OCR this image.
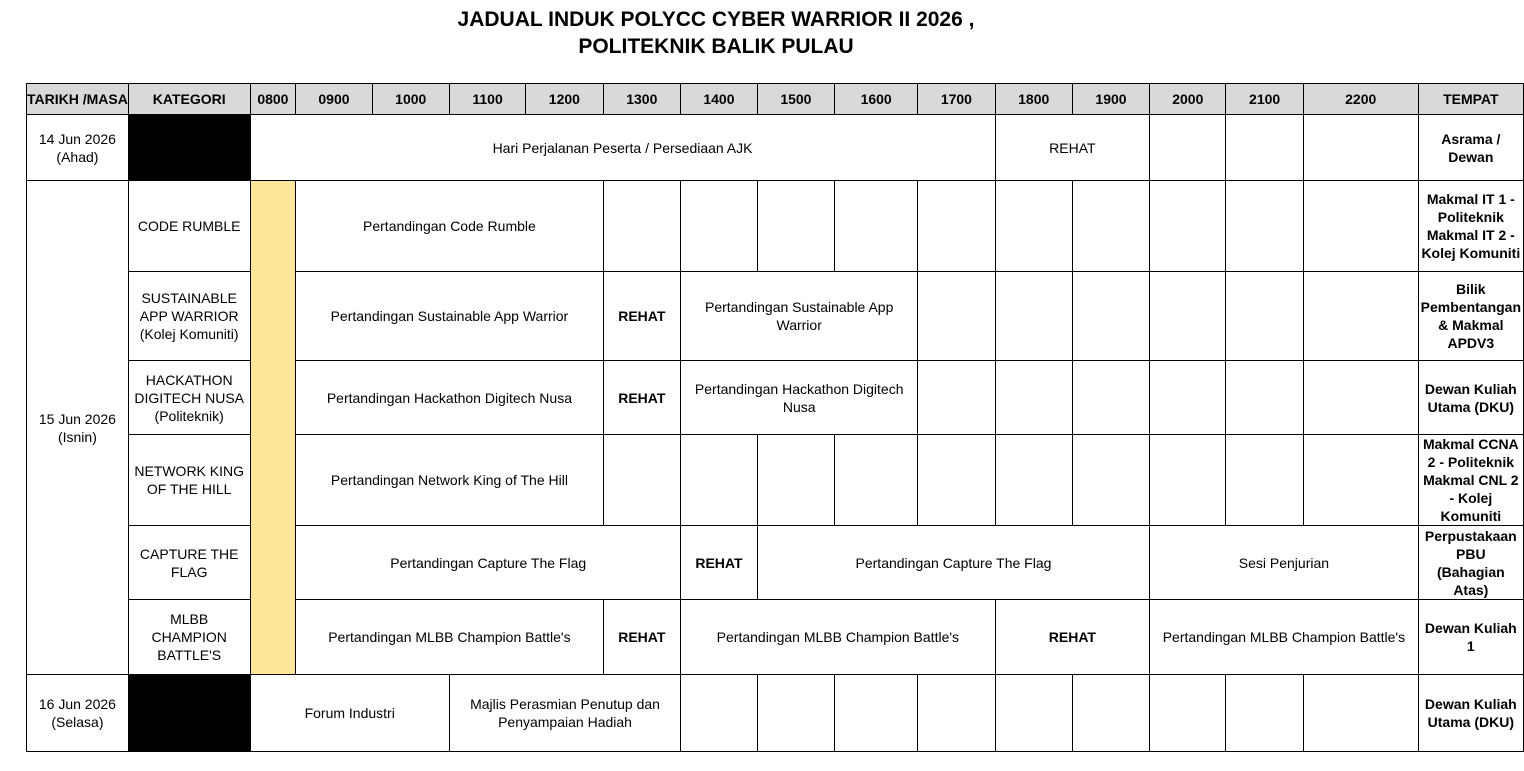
JADUAL INDUK POLYCC CYBER WARRIOR II 2026 ,
POLITEKNIK BALIK PULAU
TARIKH /MASA	KATEGORI	0800	0900	1000	1100	1200	1300	1400	1500	1600	1700	1800	1900	2000	2100	2200	TEMPAT

14 Jun 2026
(Ahad)		Hari Perjalanan Peserta / Persediaan AJK										REHAT					Asrama / Dewan

15 Jun 2026
(Isnin)	CODE RUMBLE		Pertandingan Code Rumble														Makmal IT 1 - Politeknik Makmal IT 2 - Kolej Komuniti

	SUSTAINABLE APP WARRIOR
(Kolej Komuniti)		Pertandingan Sustainable App Warrior				REHAT	Pertandingan Sustainable App Warrior									Bilik Pembentangan & Makmal APDV3

	HACKATHON DIGITECH NUSA
(Politeknik)		Pertandingan Hackathon Digitech Nusa				REHAT	Pertandingan Hackathon Digitech Nusa									Dewan Kuliah Utama (DKU)
	NETWORK KING OF THE HILL		Pertandingan Network King of The Hill														Makmal CCNA 2 - Politeknik Makmal CNL 2 - Kolej Komuniti
	CAPTURE THE FLAG		Pertandingan Capture The Flag					REHAT	Pertandingan Capture The Flag					Sesi Penjurian			Perpustakaan PBU (Bahagian Atas)
	MLBB CHAMPION BATTLE'S		Pertandingan MLBB Champion Battle's				REHAT	Pertandingan MLBB Champion Battle's				REHAT		Pertandingan MLBB Champion Battle's			Dewan Kuliah 1

16 Jun 2026
(Selasa)		Forum Industri			Majlis Perasmian Penutup dan Penyampaian Hadiah												Dewan Kuliah Utama (DKU)
